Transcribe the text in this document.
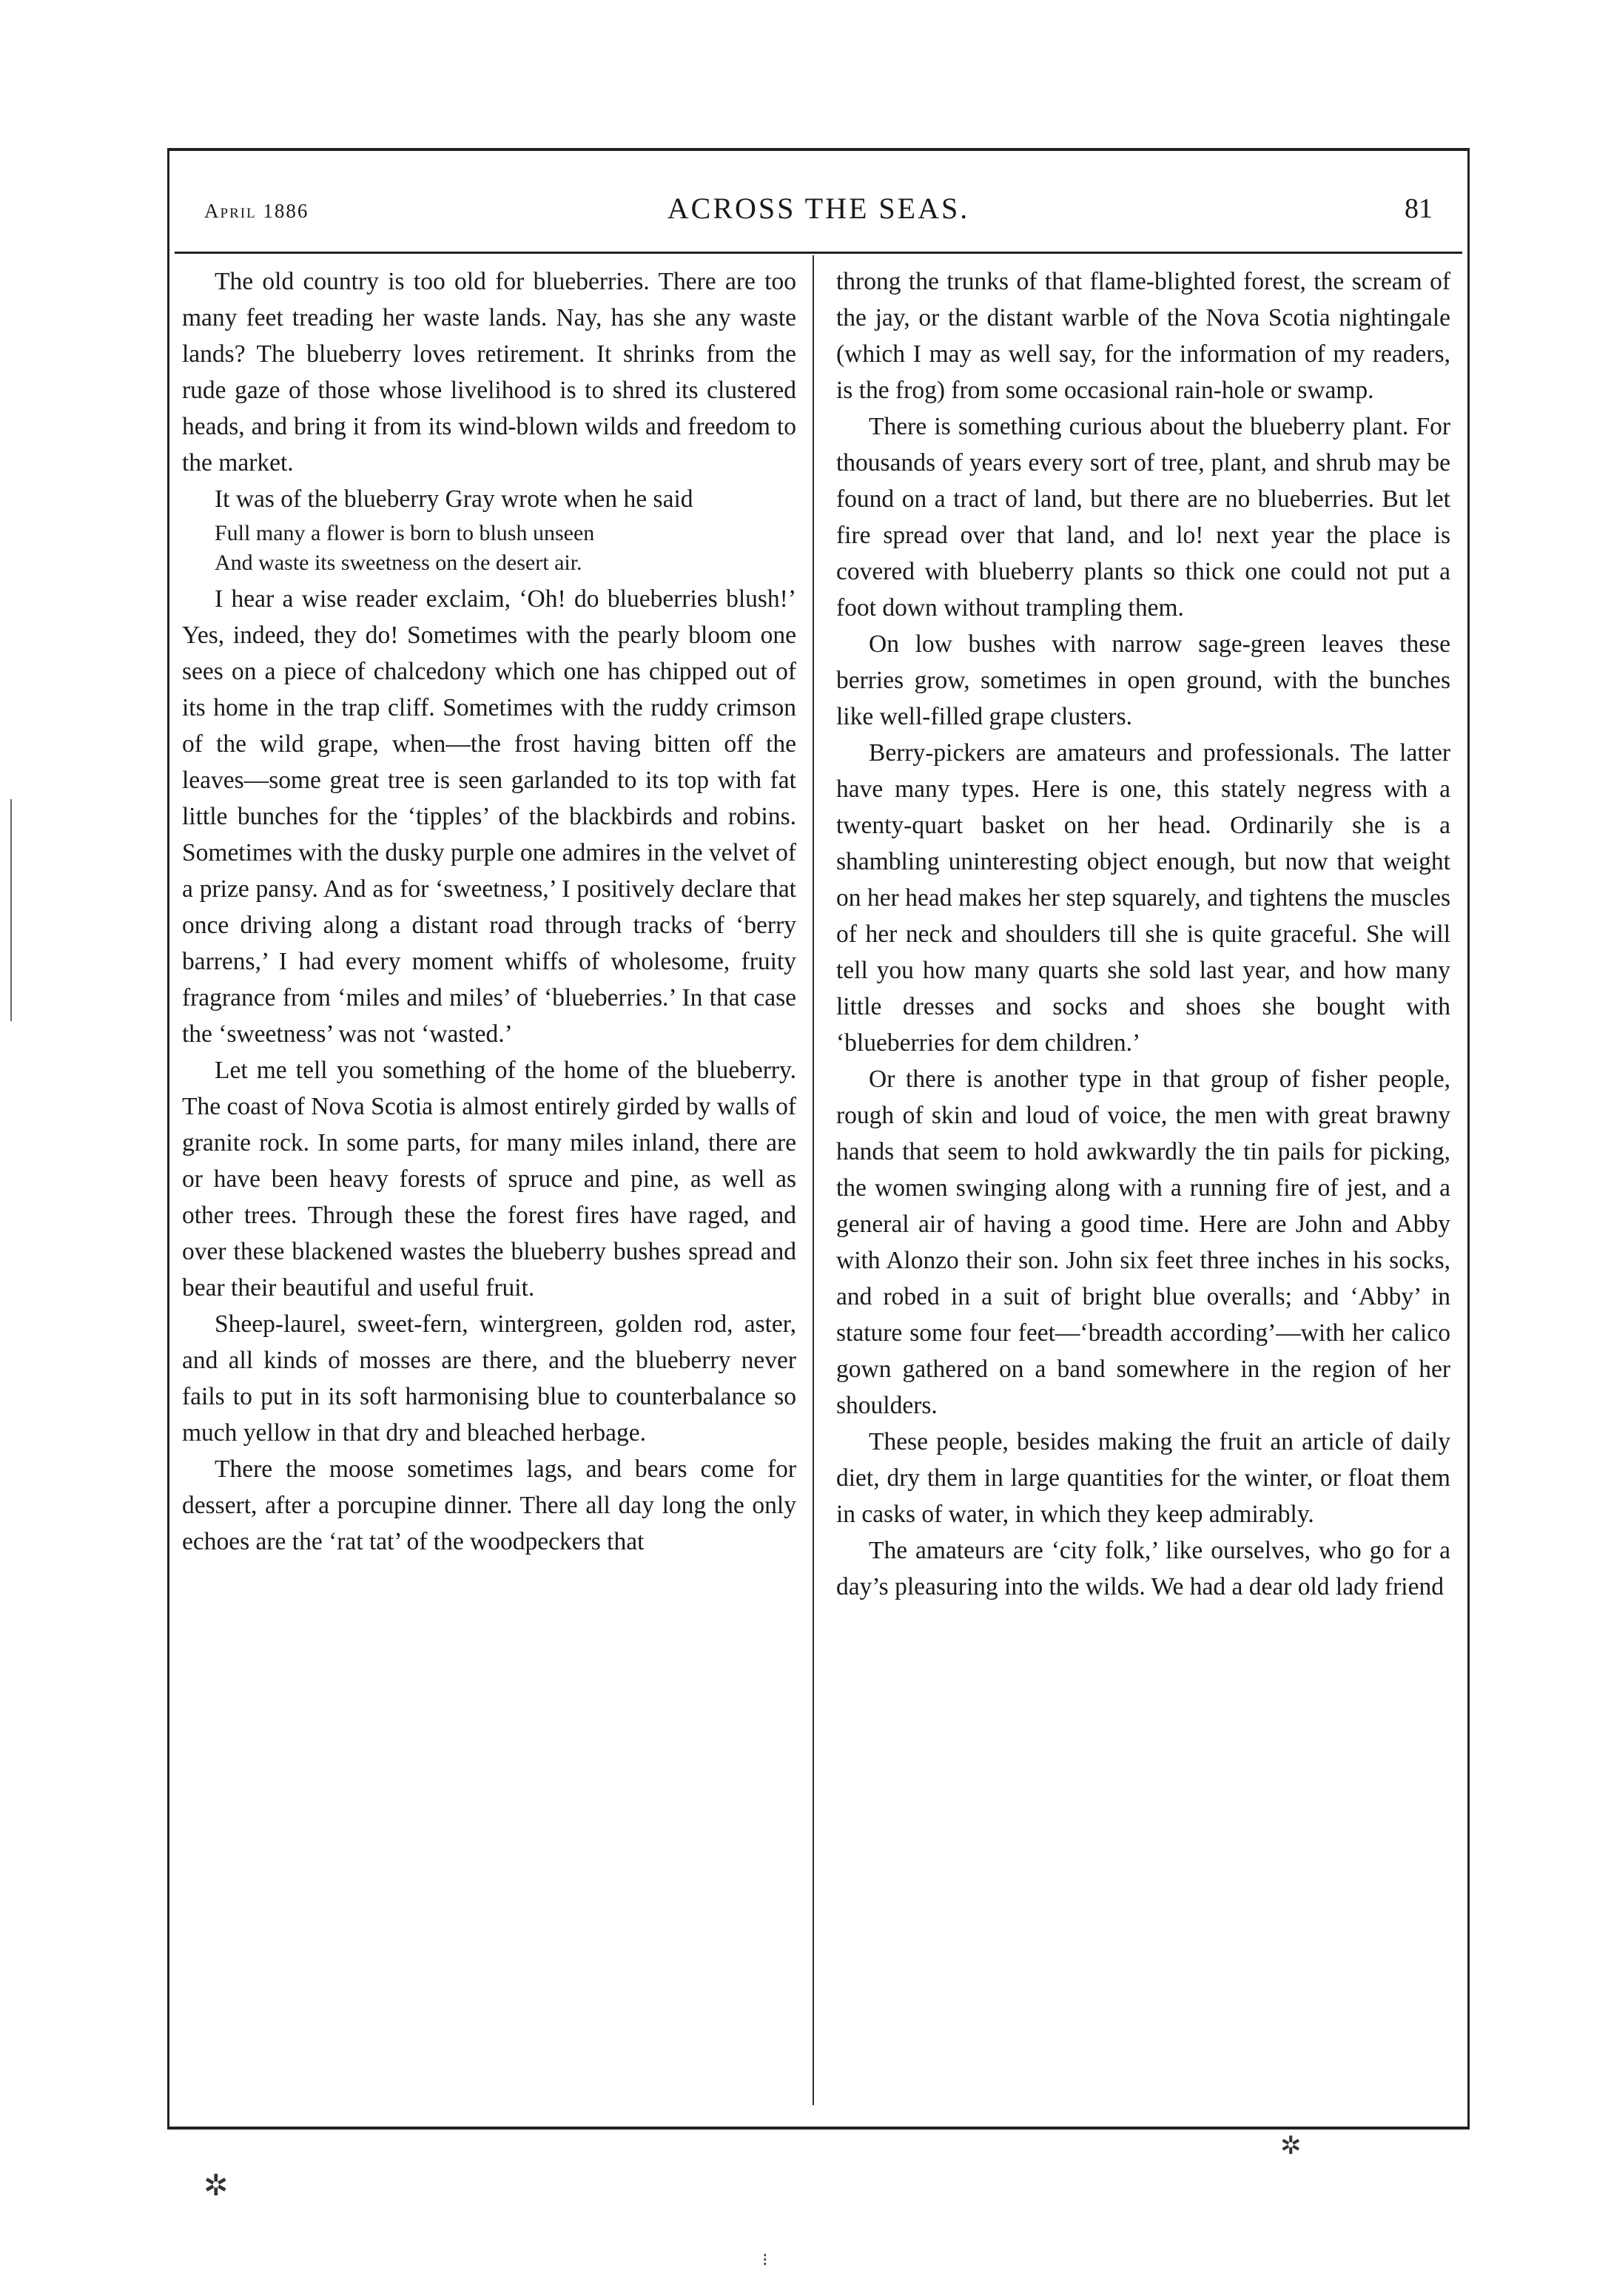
April 1886	ACROSS THE SEAS.	81

The old country is too old for blueberries. There are too many feet treading her waste lands. Nay, has she any waste lands? The blueberry loves retirement. It shrinks from the rude gaze of those whose livelihood is to shred its clustered heads, and bring it from its wind-blown wilds and freedom to the market.

It was of the blueberry Gray wrote when he said

Full many a flower is born to blush unseen
And waste its sweetness on the desert air.

I hear a wise reader exclaim, ‘Oh! do blueberries blush!’ Yes, indeed, they do! Sometimes with the pearly bloom one sees on a piece of chalcedony which one has chipped out of its home in the trap cliff. Sometimes with the ruddy crimson of the wild grape, when—the frost having bitten off the leaves—some great tree is seen garlanded to its top with fat little bunches for the ‘tipples’ of the blackbirds and robins. Sometimes with the dusky purple one admires in the velvet of a prize pansy. And as for ‘sweetness,’ I positively declare that once driving along a distant road through tracks of ‘berry barrens,’ I had every moment whiffs of wholesome, fruity fragrance from ‘miles and miles’ of ‘blueberries.’ In that case the ‘sweetness’ was not ‘wasted.’

Let me tell you something of the home of the blueberry. The coast of Nova Scotia is almost entirely girded by walls of granite rock. In some parts, for many miles inland, there are or have been heavy forests of spruce and pine, as well as other trees. Through these the forest fires have raged, and over these blackened wastes the blueberry bushes spread and bear their beautiful and useful fruit.

Sheep-laurel, sweet-fern, wintergreen, golden rod, aster, and all kinds of mosses are there, and the blueberry never fails to put in its soft harmonising blue to counterbalance so much yellow in that dry and bleached herbage.

There the moose sometimes lags, and bears come for dessert, after a porcupine dinner. There all day long the only echoes are the ‘rat tat’ of the woodpeckers that

throng the trunks of that flame-blighted forest, the scream of the jay, or the distant warble of the Nova Scotia nightingale (which I may as well say, for the information of my readers, is the frog) from some occasional rain-hole or swamp.

There is something curious about the blueberry plant. For thousands of years every sort of tree, plant, and shrub may be found on a tract of land, but there are no blueberries. But let fire spread over that land, and lo! next year the place is covered with blueberry plants so thick one could not put a foot down without trampling them.

On low bushes with narrow sage-green leaves these berries grow, sometimes in open ground, with the bunches like well-filled grape clusters.

Berry-pickers are amateurs and professionals. The latter have many types. Here is one, this stately negress with a twenty-quart basket on her head. Ordinarily she is a shambling uninteresting object enough, but now that weight on her head makes her step squarely, and tightens the muscles of her neck and shoulders till she is quite graceful. She will tell you how many quarts she sold last year, and how many little dresses and socks and shoes she bought with ‘blueberries for dem children.’

Or there is another type in that group of fisher people, rough of skin and loud of voice, the men with great brawny hands that seem to hold awkwardly the tin pails for picking, the women swinging along with a running fire of jest, and a general air of having a good time. Here are John and Abby with Alonzo their son. John six feet three inches in his socks, and robed in a suit of bright blue overalls; and ‘Abby’ in stature some four feet—‘breadth according’—with her calico gown gathered on a band somewhere in the region of her shoulders.

These people, besides making the fruit an article of daily diet, dry them in large quantities for the winter, or float them in casks of water, in which they keep admirably.

The amateurs are ‘city folk,’ like ourselves, who go for a day’s pleasuring into the wilds. We had a dear old lady friend

✲
✲
⁝
